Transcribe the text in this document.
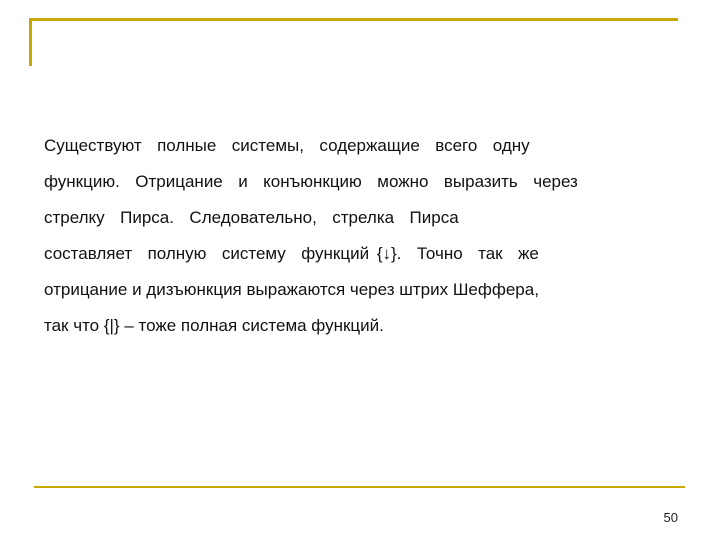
Существуют  полные  системы,  содержащие  всего  одну
функцию.  Отрицание  и  конъюнкцию  можно  выразить  через
стрелку  Пирса.  Следовательно,  стрелка  Пирса
составляет  полную  систему  функций {↓}.  Точно  так  же
отрицание и дизъюнкция выражаются через штрих Шеффера,
так что {|} – тоже полная система функций.
50
